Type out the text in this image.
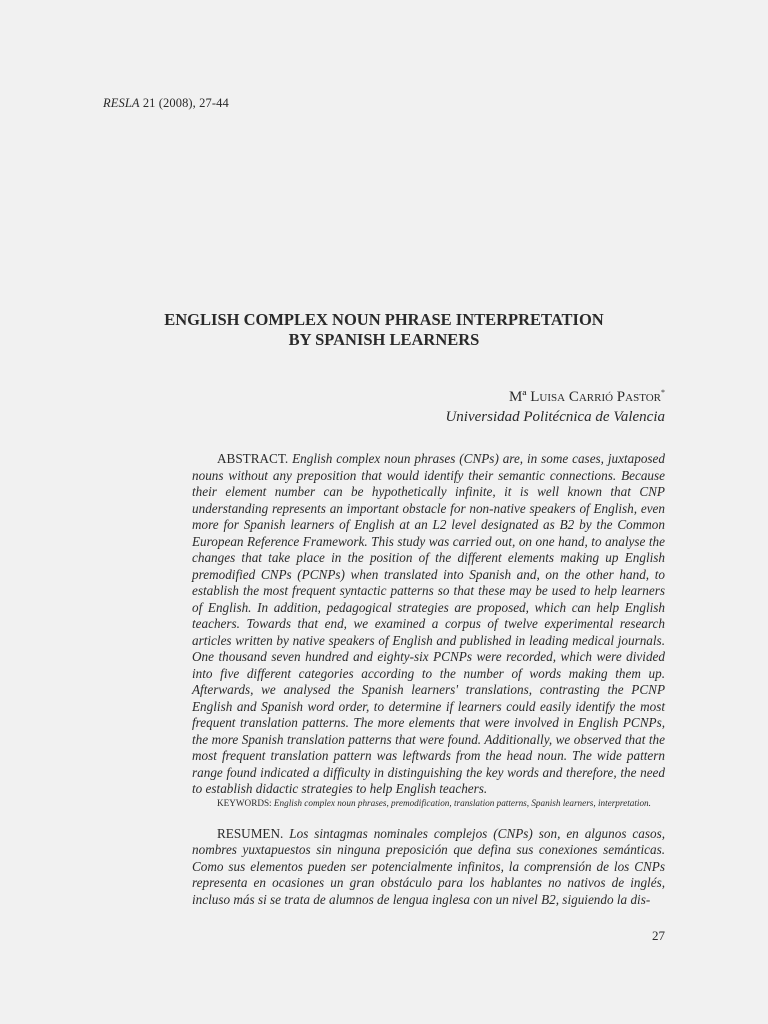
RESLA 21 (2008), 27-44
ENGLISH COMPLEX NOUN PHRASE INTERPRETATION
BY SPANISH LEARNERS
Mª Luisa Carrió Pastor*
Universidad Politécnica de Valencia
ABSTRACT. English complex noun phrases (CNPs) are, in some cases, juxtaposed nouns without any preposition that would identify their semantic connections. Because their element number can be hypothetically infinite, it is well known that CNP understanding represents an important obstacle for non-native speakers of English, even more for Spanish learners of English at an L2 level designated as B2 by the Common European Reference Framework. This study was carried out, on one hand, to analyse the changes that take place in the position of the different elements making up English premodified CNPs (PCNPs) when translated into Spanish and, on the other hand, to establish the most frequent syntactic patterns so that these may be used to help learners of English. In addition, pedagogical strategies are proposed, which can help English teachers. Towards that end, we examined a corpus of twelve experimental research articles written by native speakers of English and published in leading medical journals. One thousand seven hundred and eighty-six PCNPs were recorded, which were divided into five different categories according to the number of words making them up. Afterwards, we analysed the Spanish learners' translations, contrasting the PCNP English and Spanish word order, to determine if learners could easily identify the most frequent translation patterns. The more elements that were involved in English PCNPs, the more Spanish translation patterns that were found. Additionally, we observed that the most frequent translation pattern was leftwards from the head noun. The wide pattern range found indicated a difficulty in distinguishing the key words and therefore, the need to establish didactic strategies to help English teachers.
KEYWORDS: English complex noun phrases, premodification, translation patterns, Spanish learners, interpretation.
RESUMEN. Los sintagmas nominales complejos (CNPs) son, en algunos casos, nombres yuxtapuestos sin ninguna preposición que defina sus conexiones semánticas. Como sus elementos pueden ser potencialmente infinitos, la comprensión de los CNPs representa en ocasiones un gran obstáculo para los hablantes no nativos de inglés, incluso más si se trata de alumnos de lengua inglesa con un nivel B2, siguiendo la dis-
27
